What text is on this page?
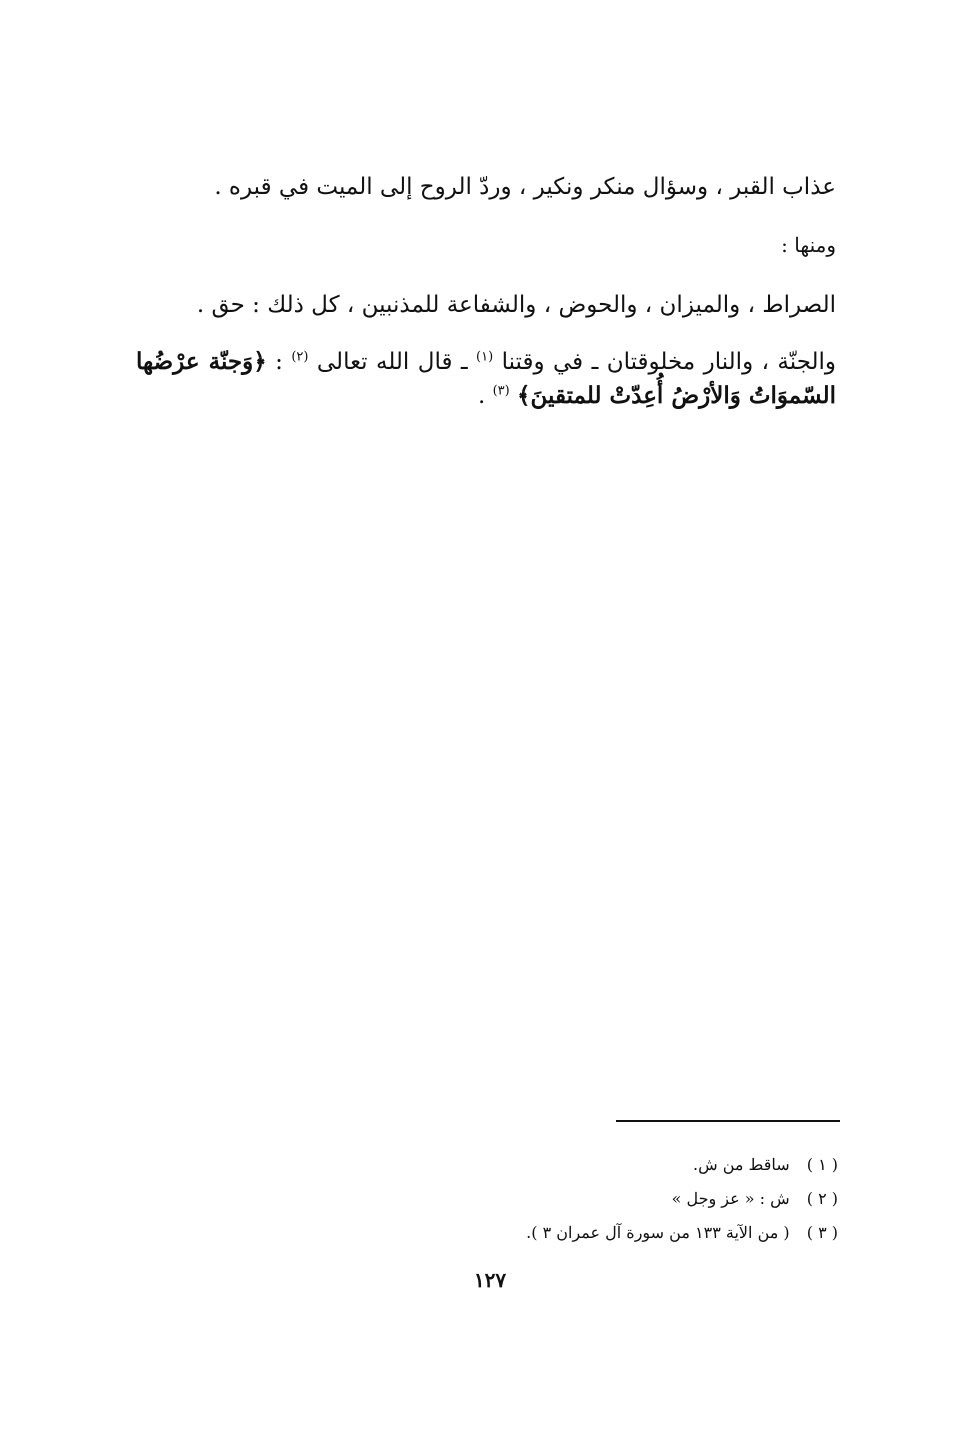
عذاب القبر ، وسؤال منكر ونكير ، وردّ الروح إلى الميت في قبره .
ومنها :
الصراط ، والميزان ، والحوض ، والشفاعة للمذنبين ، كل ذلك : حق .
والجنّة ، والنار مخلوقتان ـ في وقتنا $^{(١)}$ ـ قال الله تعالى $^{(٢)}$ : ﴿وَجنّة عرْضُها السّموَاتُ وَالأرْضُ أُعِدّتْ للمتقينَ﴾ $^{(٣)}$ .
( ١ ) ساقط من ش.
( ٢ ) ش : « عز وجل »
( ٣ ) ( من الآية ١٣٣ من سورة آل عمران ٣ ).
١٢٧
